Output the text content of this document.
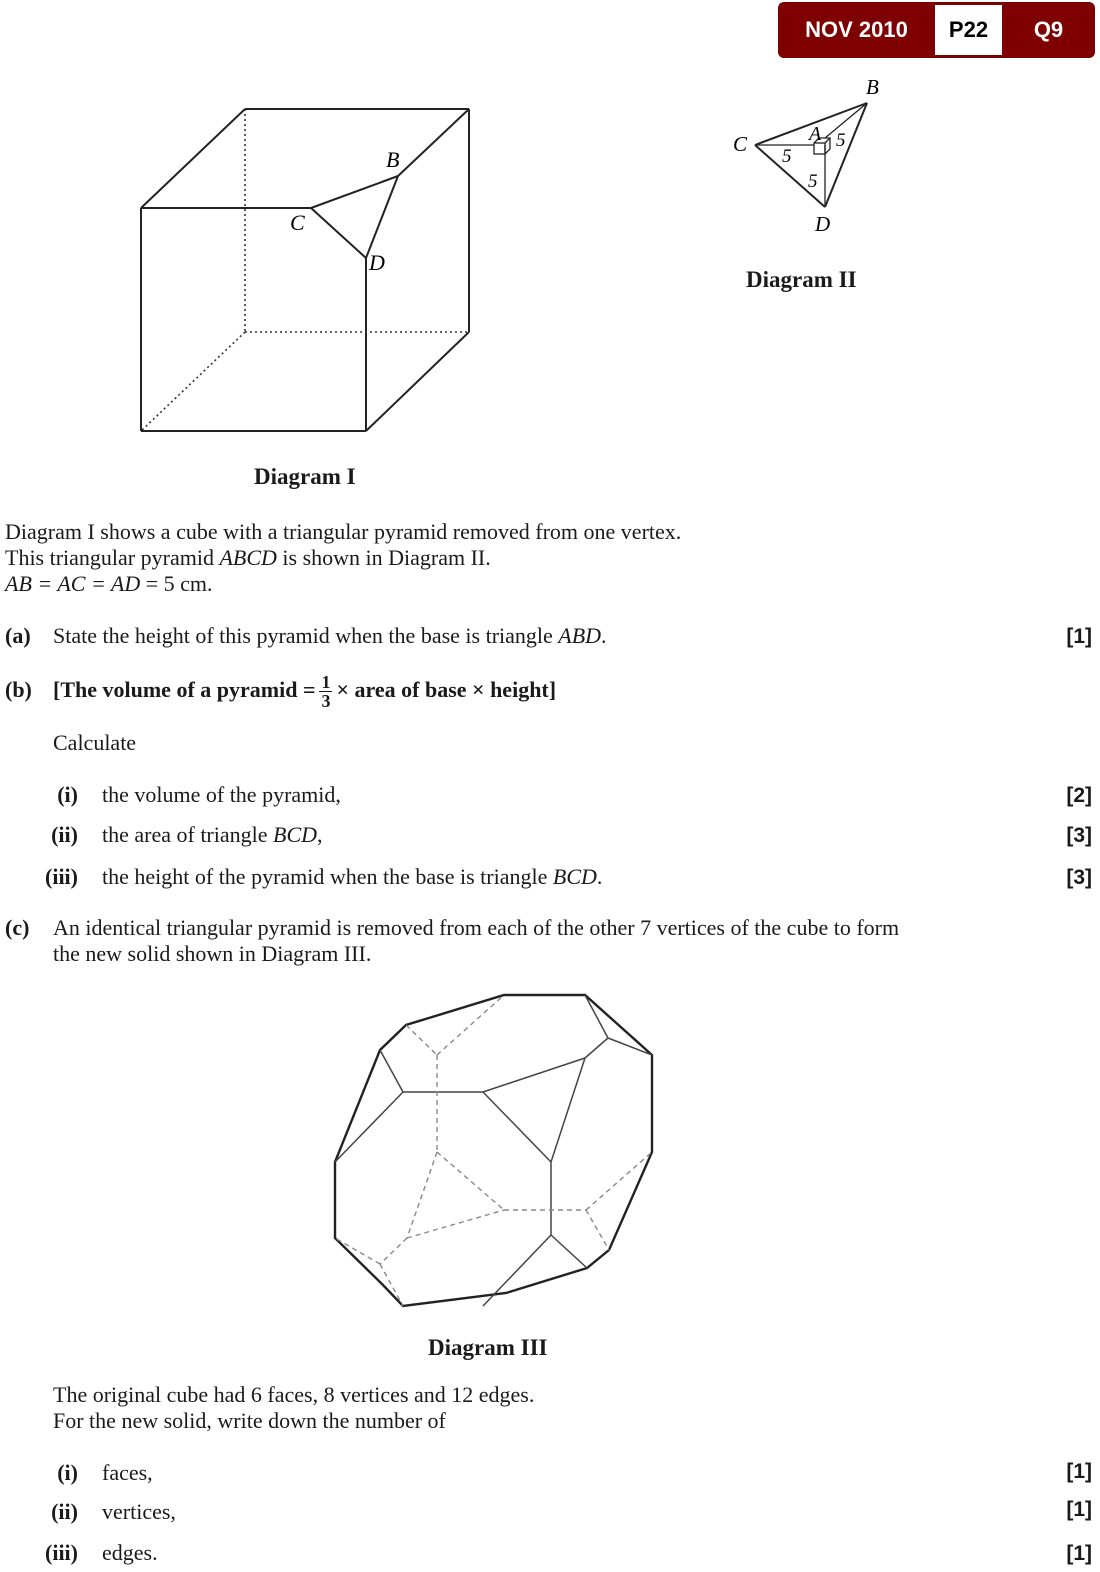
NOV 2010	P22	Q9
B
C
D
Diagram I
B
C	A
D
5
5
5
Diagram II
Diagram I shows a cube with a triangular pyramid removed from one vertex.
This triangular pyramid ABCD is shown in Diagram II.
AB = AC = AD = 5 cm.
(a) State the height of this pyramid when the base is triangle ABD.	[1]
(b) [The volume of a pyramid = $\frac{1}{3}$ × area of base × height]
Calculate
(i) the volume of the pyramid,	[2]
(ii) the area of triangle BCD,	[3]
(iii) the height of the pyramid when the base is triangle BCD.	[3]
(c) An identical triangular pyramid is removed from each of the other 7 vertices of the cube to form
the new solid shown in Diagram III.
Diagram III
The original cube had 6 faces, 8 vertices and 12 edges.
For the new solid, write down the number of
(i) faces,	[1]
(ii) vertices,	[1]
(iii) edges.	[1]
